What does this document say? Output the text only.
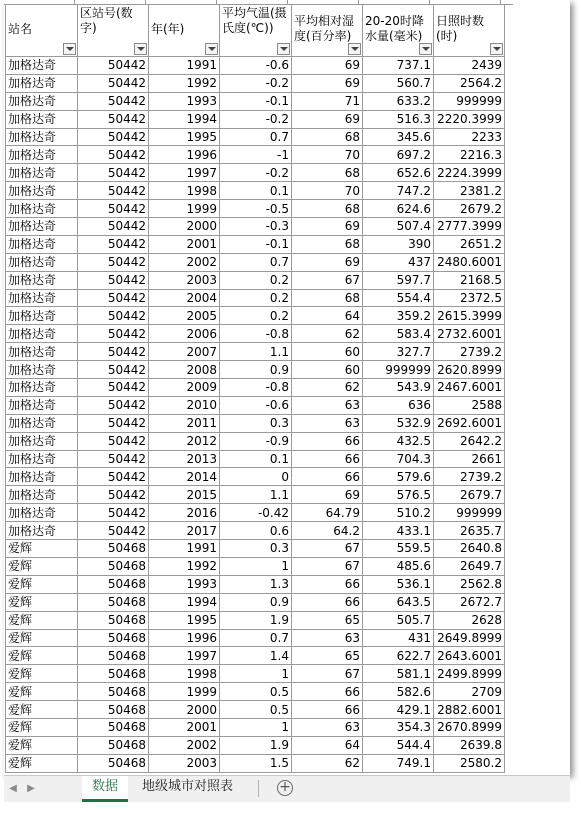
站名	区站号(数字)	年(年)	平均气温(摄氏度(℃))	平均相对湿度(百分率)	20-20时降水量(毫米)	日照时数(时)

加格达奇	50442	1991	-0.6	69	737.1	2439
加格达奇	50442	1992	-0.2	69	560.7	2564.2
加格达奇	50442	1993	-0.1	71	633.2	999999
加格达奇	50442	1994	-0.2	69	516.3	2220.3999
加格达奇	50442	1995	0.7	68	345.6	2233
加格达奇	50442	1996	-1	70	697.2	2216.3
加格达奇	50442	1997	-0.2	68	652.6	2224.3999
加格达奇	50442	1998	0.1	70	747.2	2381.2
加格达奇	50442	1999	-0.5	68	624.6	2679.2
加格达奇	50442	2000	-0.3	69	507.4	2777.3999
加格达奇	50442	2001	-0.1	68	390	2651.2
加格达奇	50442	2002	0.7	69	437	2480.6001
加格达奇	50442	2003	0.2	67	597.7	2168.5
加格达奇	50442	2004	0.2	68	554.4	2372.5
加格达奇	50442	2005	0.2	64	359.2	2615.3999
加格达奇	50442	2006	-0.8	62	583.4	2732.6001
加格达奇	50442	2007	1.1	60	327.7	2739.2
加格达奇	50442	2008	0.9	60	999999	2620.8999
加格达奇	50442	2009	-0.8	62	543.9	2467.6001
加格达奇	50442	2010	-0.6	63	636	2588
加格达奇	50442	2011	0.3	63	532.9	2692.6001
加格达奇	50442	2012	-0.9	66	432.5	2642.2
加格达奇	50442	2013	0.1	66	704.3	2661
加格达奇	50442	2014	0	66	579.6	2739.2
加格达奇	50442	2015	1.1	69	576.5	2679.7
加格达奇	50442	2016	-0.42	64.79	510.2	999999
加格达奇	50442	2017	0.6	64.2	433.1	2635.7
爱辉	50468	1991	0.3	67	559.5	2640.8
爱辉	50468	1992	1	67	485.6	2649.7
爱辉	50468	1993	1.3	66	536.1	2562.8
爱辉	50468	1994	0.9	66	643.5	2672.7
爱辉	50468	1995	1.9	65	505.7	2628
爱辉	50468	1996	0.7	63	431	2649.8999
爱辉	50468	1997	1.4	65	622.7	2643.6001
爱辉	50468	1998	1	67	581.1	2499.8999
爱辉	50468	1999	0.5	66	582.6	2709
爱辉	50468	2000	0.5	66	429.1	2882.6001
爱辉	50468	2001	1	63	354.3	2670.8999
爱辉	50468	2002	1.9	64	544.4	2639.8
爱辉	50468	2003	1.5	62	749.1	2580.2
◀	▶	数据	地级城市对照表	+
